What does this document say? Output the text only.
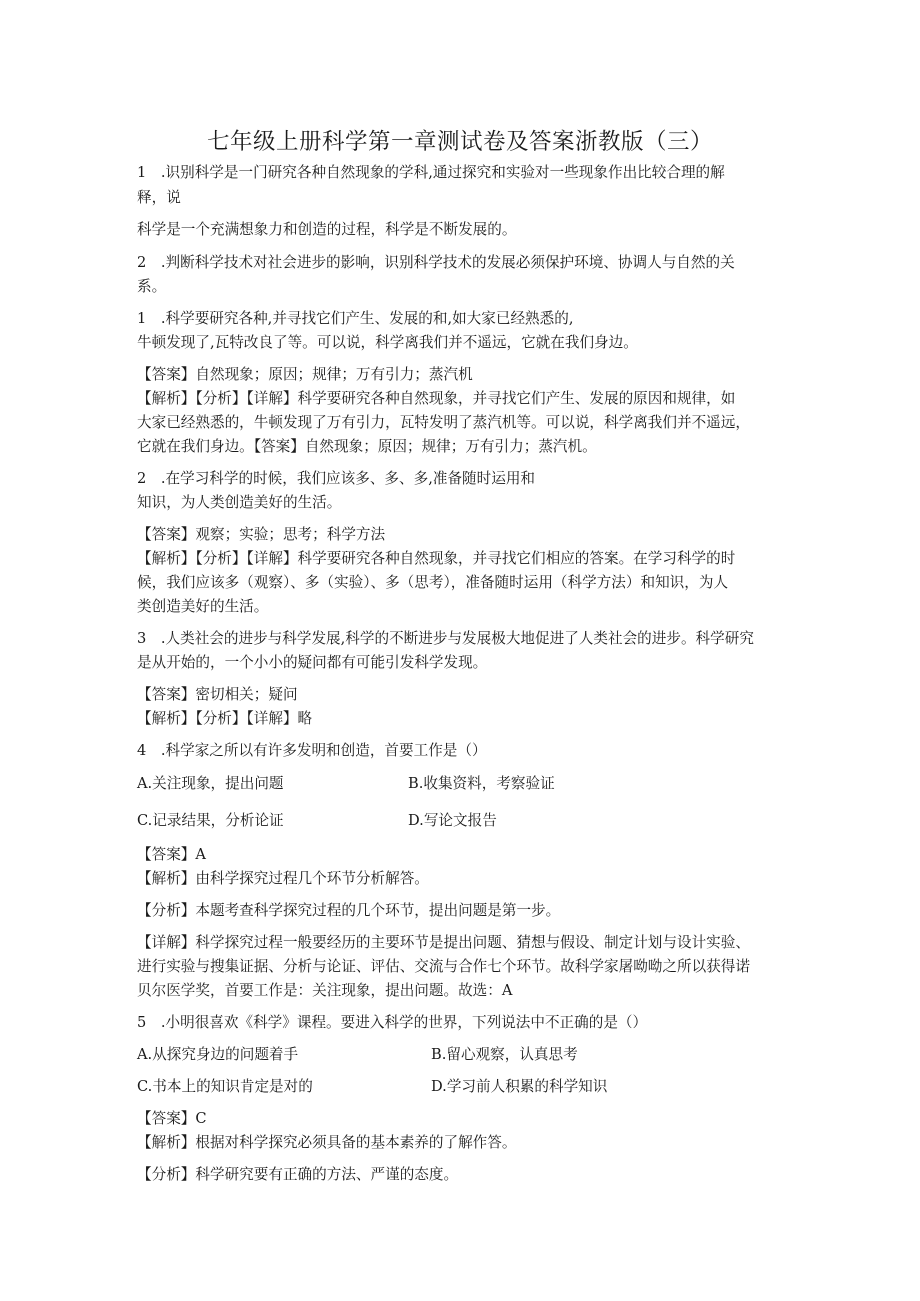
七年级上册科学第一章测试卷及答案浙教版（三）
1　.识别科学是一门研究各种自然现象的学科,通过探究和实验对一些现象作出比较合理的解
释，说
科学是一个充满想象力和创造的过程，科学是不断发展的。
2　.判断科学技术对社会进步的影响，识别科学技术的发展必须保护环境、协调人与自然的关
系。
1　.科学要研究各种,并寻找它们产生、发展的和,如大家已经熟悉的,
牛顿发现了,瓦特改良了等。可以说，科学离我们并不遥远，它就在我们身边。
【答案】自然现象；原因；规律；万有引力；蒸汽机
【解析】【分析】【详解】科学要研究各种自然现象，并寻找它们产生、发展的原因和规律，如
大家已经熟悉的，牛顿发现了万有引力，瓦特发明了蒸汽机等。可以说，科学离我们并不遥远，
它就在我们身边。【答案】自然现象；原因；规律；万有引力；蒸汽机。
2　.在学习科学的时候，我们应该多、多、多,准备随时运用和
知识，为人类创造美好的生活。
【答案】观察；实验；思考；科学方法
【解析】【分析】【详解】科学要研究各种自然现象，并寻找它们相应的答案。在学习科学的时
候，我们应该多（观察）、多（实验）、多（思考），准备随时运用（科学方法）和知识，为人
类创造美好的生活。
3　.人类社会的进步与科学发展,科学的不断进步与发展极大地促进了人类社会的进步。科学研究
是从开始的，一个小小的疑问都有可能引发科学发现。
【答案】密切相关；疑问
【解析】【分析】【详解】略
4　.科学家之所以有许多发明和创造，首要工作是（）
A.关注现象，提出问题	B.收集资料，考察验证
C.记录结果，分析论证	D.写论文报告
【答案】A
【解析】由科学探究过程几个环节分析解答。
【分析】本题考查科学探究过程的几个环节，提出问题是第一步。
【详解】科学探究过程一般要经历的主要环节是提出问题、猜想与假设、制定计划与设计实验、
进行实验与搜集证据、分析与论证、评估、交流与合作七个环节。故科学家屠呦呦之所以获得诺
贝尔医学奖，首要工作是：关注现象，提出问题。故选：A
5　.小明很喜欢《科学》课程。要进入科学的世界，下列说法中不正确的是（）
A.从探究身边的问题着手	B.留心观察，认真思考
C.书本上的知识肯定是对的	D.学习前人积累的科学知识
【答案】C
【解析】根据对科学探究必须具备的基本素养的了解作答。
【分析】科学研究要有正确的方法、严谨的态度。
